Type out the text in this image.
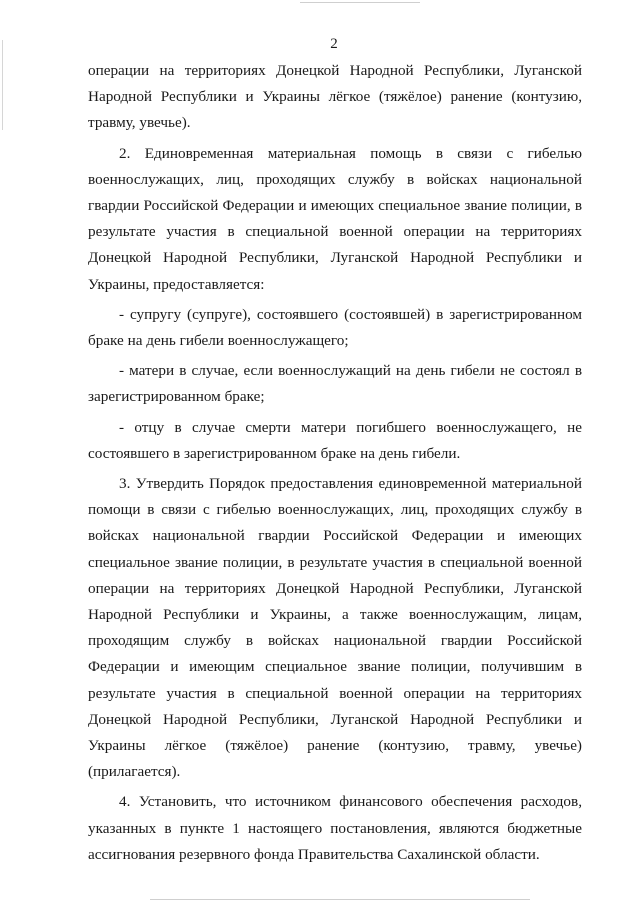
2

операции на территориях Донецкой Народной Республики, Луганской Народной Республики и Украины лёгкое (тяжёлое) ранение (контузию, травму, увечье).

2. Единовременная материальная помощь в связи с гибелью военнослужащих, лиц, проходящих службу в войсках национальной гвардии Российской Федерации и имеющих специальное звание полиции, в результате участия в специальной военной операции на территориях Донецкой Народной Республики, Луганской Народной Республики и Украины, предоставляется:

- супругу (супруге), состоявшего (состоявшей) в зарегистрированном браке на день гибели военнослужащего;

- матери в случае, если военнослужащий на день гибели не состоял в зарегистрированном браке;

- отцу в случае смерти матери погибшего военнослужащего, не состоявшего в зарегистрированном браке на день гибели.

3. Утвердить Порядок предоставления единовременной материальной помощи в связи с гибелью военнослужащих, лиц, проходящих службу в войсках национальной гвардии Российской Федерации и имеющих специальное звание полиции, в результате участия в специальной военной операции на территориях Донецкой Народной Республики, Луганской Народной Республики и Украины, а также военнослужащим, лицам, проходящим службу в войсках национальной гвардии Российской Федерации и имеющим специальное звание полиции, получившим в результате участия в специальной военной операции на территориях Донецкой Народной Республики, Луганской Народной Республики и Украины лёгкое (тяжёлое) ранение (контузию, травму, увечье) (прилагается).

4. Установить, что источником финансового обеспечения расходов, указанных в пункте 1 настоящего постановления, являются бюджетные ассигнования резервного фонда Правительства Сахалинской области.
